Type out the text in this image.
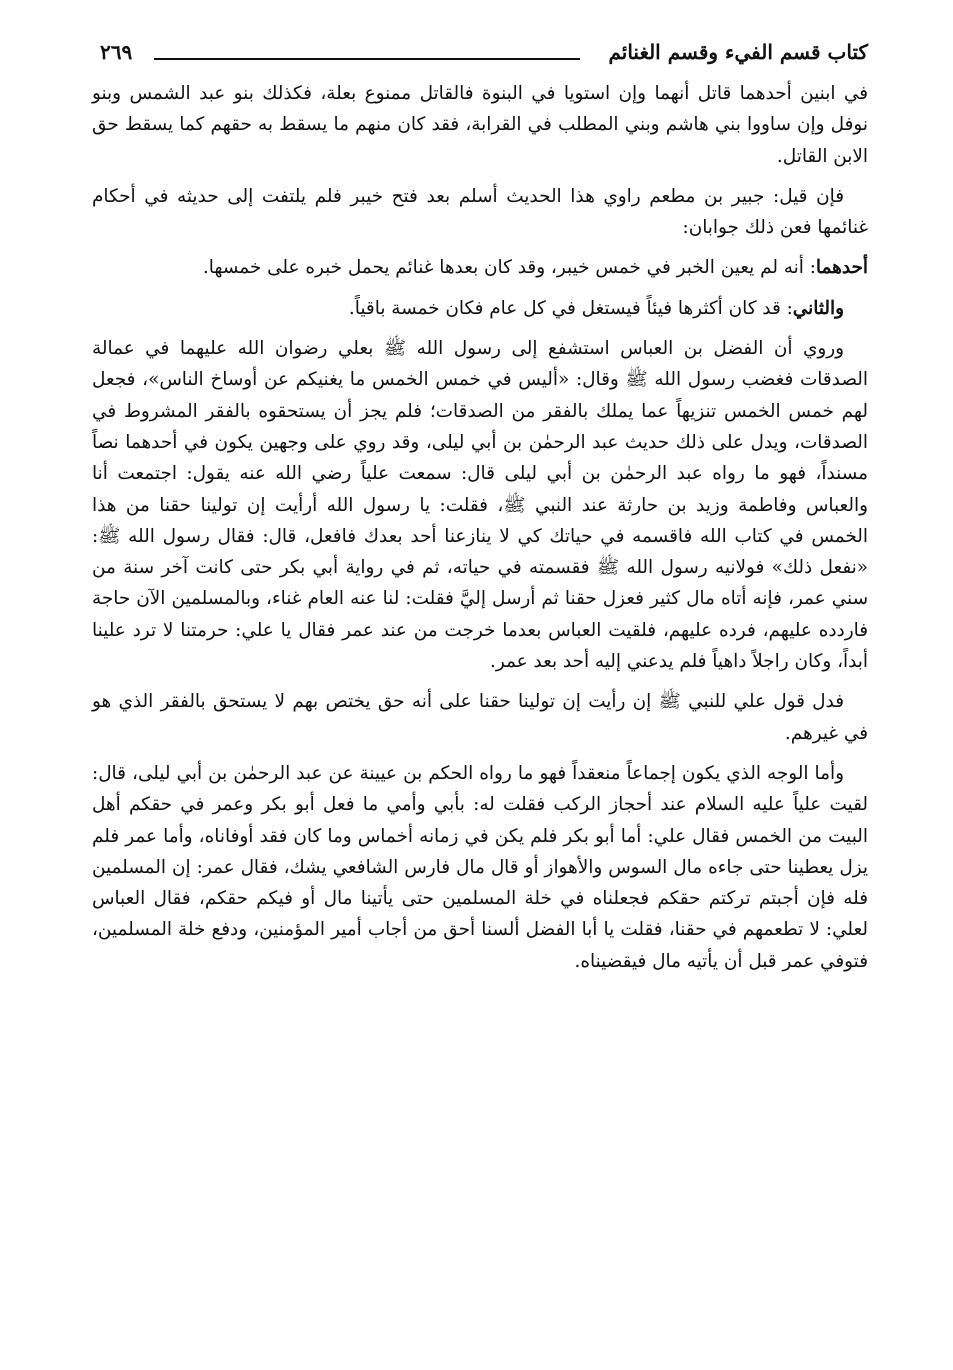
كتاب قسم الفيء وقسم الغنائم
٢٦٩

في ابنين أحدهما قاتل أنهما وإن استويا في البنوة فالقاتل ممنوع بعلة، فكذلك بنو عبد الشمس وبنو نوفل وإن ساووا بني هاشم وبني المطلب في القرابة، فقد كان منهم ما يسقط به حقهم كما يسقط حق الابن القاتل.

فإن قيل: جبير بن مطعم راوي هذا الحديث أسلم بعد فتح خيبر فلم يلتفت إلى حديثه في أحكام غنائمها فعن ذلك جوابان:

أحدهما: أنه لم يعين الخبر في خمس خيبر، وقد كان بعدها غنائم يحمل خبره على خمسها.

والثاني: قد كان أكثرها فيئاً فيستغل في كل عام فكان خمسة باقياً.

وروي أن الفضل بن العباس استشفع إلى رسول الله ﷺ بعلي رضوان الله عليهما في عمالة الصدقات فغضب رسول الله ﷺ وقال: «أليس في خمس الخمس ما يغنيكم عن أوساخ الناس»، فجعل لهم خمس الخمس تنزيهاً عما يملك بالفقر من الصدقات؛ فلم يجز أن يستحقوه بالفقر المشروط في الصدقات، ويدل على ذلك حديث عبد الرحمٰن بن أبي ليلى، وقد روي على وجهين يكون في أحدهما نصاً مسنداً، فهو ما رواه عبد الرحمٰن بن أبي ليلى قال: سمعت علياً رضي الله عنه يقول: اجتمعت أنا والعباس وفاطمة وزيد بن حارثة عند النبي ﷺ، فقلت: يا رسول الله أرأيت إن تولينا حقنا من هذا الخمس في كتاب الله فاقسمه في حياتك كي لا ينازعنا أحد بعدك فافعل، قال: فقال رسول الله ﷺ: «نفعل ذلك» فولانيه رسول الله ﷺ فقسمته في حياته، ثم في رواية أبي بكر حتى كانت آخر سنة من سني عمر، فإنه أتاه مال كثير فعزل حقنا ثم أرسل إليَّ فقلت: لنا عنه العام غناء، وبالمسلمين الآن حاجة فاردده عليهم، فرده عليهم، فلقيت العباس بعدما خرجت من عند عمر فقال يا علي: حرمتنا لا ترد علينا أبداً، وكان راجلاً داهياً فلم يدعني إليه أحد بعد عمر.

فدل قول علي للنبي ﷺ إن رأيت إن تولينا حقنا على أنه حق يختص بهم لا يستحق بالفقر الذي هو في غيرهم.

وأما الوجه الذي يكون إجماعاً منعقداً فهو ما رواه الحكم بن عيينة عن عبد الرحمٰن بن أبي ليلى، قال: لقيت علياً عليه السلام عند أحجاز الركب فقلت له: بأبي وأمي ما فعل أبو بكر وعمر في حقكم أهل البيت من الخمس فقال علي: أما أبو بكر فلم يكن في زمانه أخماس وما كان فقد أوفاناه، وأما عمر فلم يزل يعطينا حتى جاءه مال السوس والأهواز أو قال مال فارس الشافعي يشك، فقال عمر: إن المسلمين فله فإن أجبتم تركتم حقكم فجعلناه في خلة المسلمين حتى يأتينا مال أو فيكم حقكم، فقال العباس لعلي: لا تطعمهم في حقنا، فقلت يا أبا الفضل ألسنا أحق من أجاب أمير المؤمنين، ودفع خلة المسلمين، فتوفي عمر قبل أن يأتيه مال فيقضيناه.
